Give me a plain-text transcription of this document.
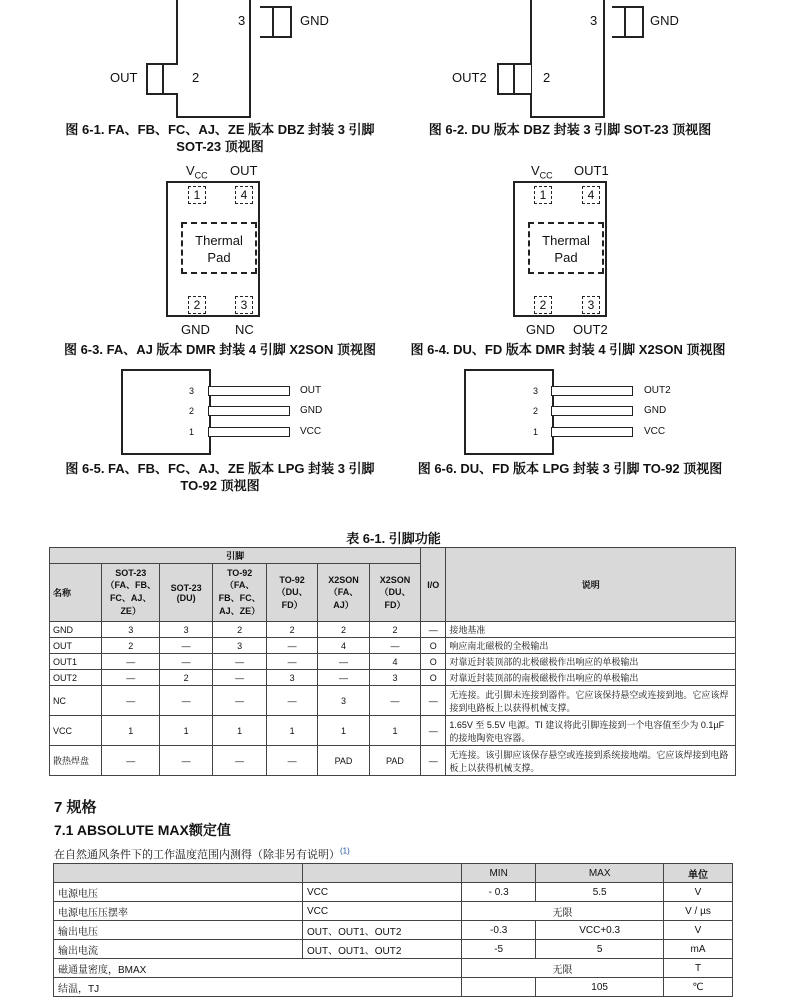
3	GND
2
OUT
图 6-1. FA、FB、FC、AJ、ZE 版本 DBZ 封装 3 引脚
SOT-23 顶视图
3	GND
2
OUT2
图 6-2. DU 版本 DBZ 封装 3 引脚 SOT-23 顶视图
$V_{CC}$ OUT
1	4
Thermal
Pad
2	3
GND NC
图 6-3. FA、AJ 版本 DMR 封装 4 引脚 X2SON 顶视图
$V_{CC}$ OUT1
1	4
Thermal
Pad
2	3
GND OUT2
图 6-4. DU、FD 版本 DMR 封装 4 引脚 X2SON 顶视图
3
2
1
OUT
GND
VCC
图 6-5. FA、FB、FC、AJ、ZE 版本 LPG 封装 3 引脚
TO-92 顶视图
3
2
1
OUT2
GND
VCC
图 6-6. DU、FD 版本 LPG 封装 3 引脚 TO-92 顶视图
表 6-1. 引脚功能
引脚							I/O	说明
名称	SOT-23 （FA、FB、FC、AJ、ZE）	SOT-23 (DU)	TO-92 （FA、FB、FC、AJ、ZE）	TO-92 （DU、FD）	X2SON （FA、AJ）	X2SON （DU、FD）		
GND	3	3	2	2	2	2	—	接地基准
OUT	2	—	3	—	4	—	O	响应南北磁极的全极输出
OUT1	—	—	—	—	—	4	O	对靠近封装顶部的北极磁极作出响应的单极输出
OUT2	—	2	—	3	—	3	O	对靠近封装顶部的南极磁极作出响应的单极输出
NC	—	—	—	—	3	—	—	无连接。此引脚未连接到器件。它应该保持悬空或连接到地。它应该焊接到电路板上以获得机械支撑。
VCC	1	1	1	1	1	1	—	1.65V 至 5.5V 电源。TI 建议将此引脚连接到一个电容值至少为 0.1µF 的接地陶瓷电容器。
散热焊盘	—	—	—	—	PAD	PAD	—	无连接。该引脚应该保存悬空或连接到系统接地端。它应该焊接到电路板上以获得机械支撑。
7 规格
7.1 ABSOLUTE MAX额定值
在自然通风条件下的工作温度范围内测得（除非另有说明）$^{(1)}$
		MIN	MAX	单位
电源电压	VCC	- 0.3	5.5	V
电源电压压摆率	VCC	无限		V / µs
输出电压	OUT、OUT1、OUT2	-0.3	VCC+0.3	V
输出电流	OUT、OUT1、OUT2	-5	5	mA
磁通量密度，BMAX		无限		T
结温，TJ			105	℃
